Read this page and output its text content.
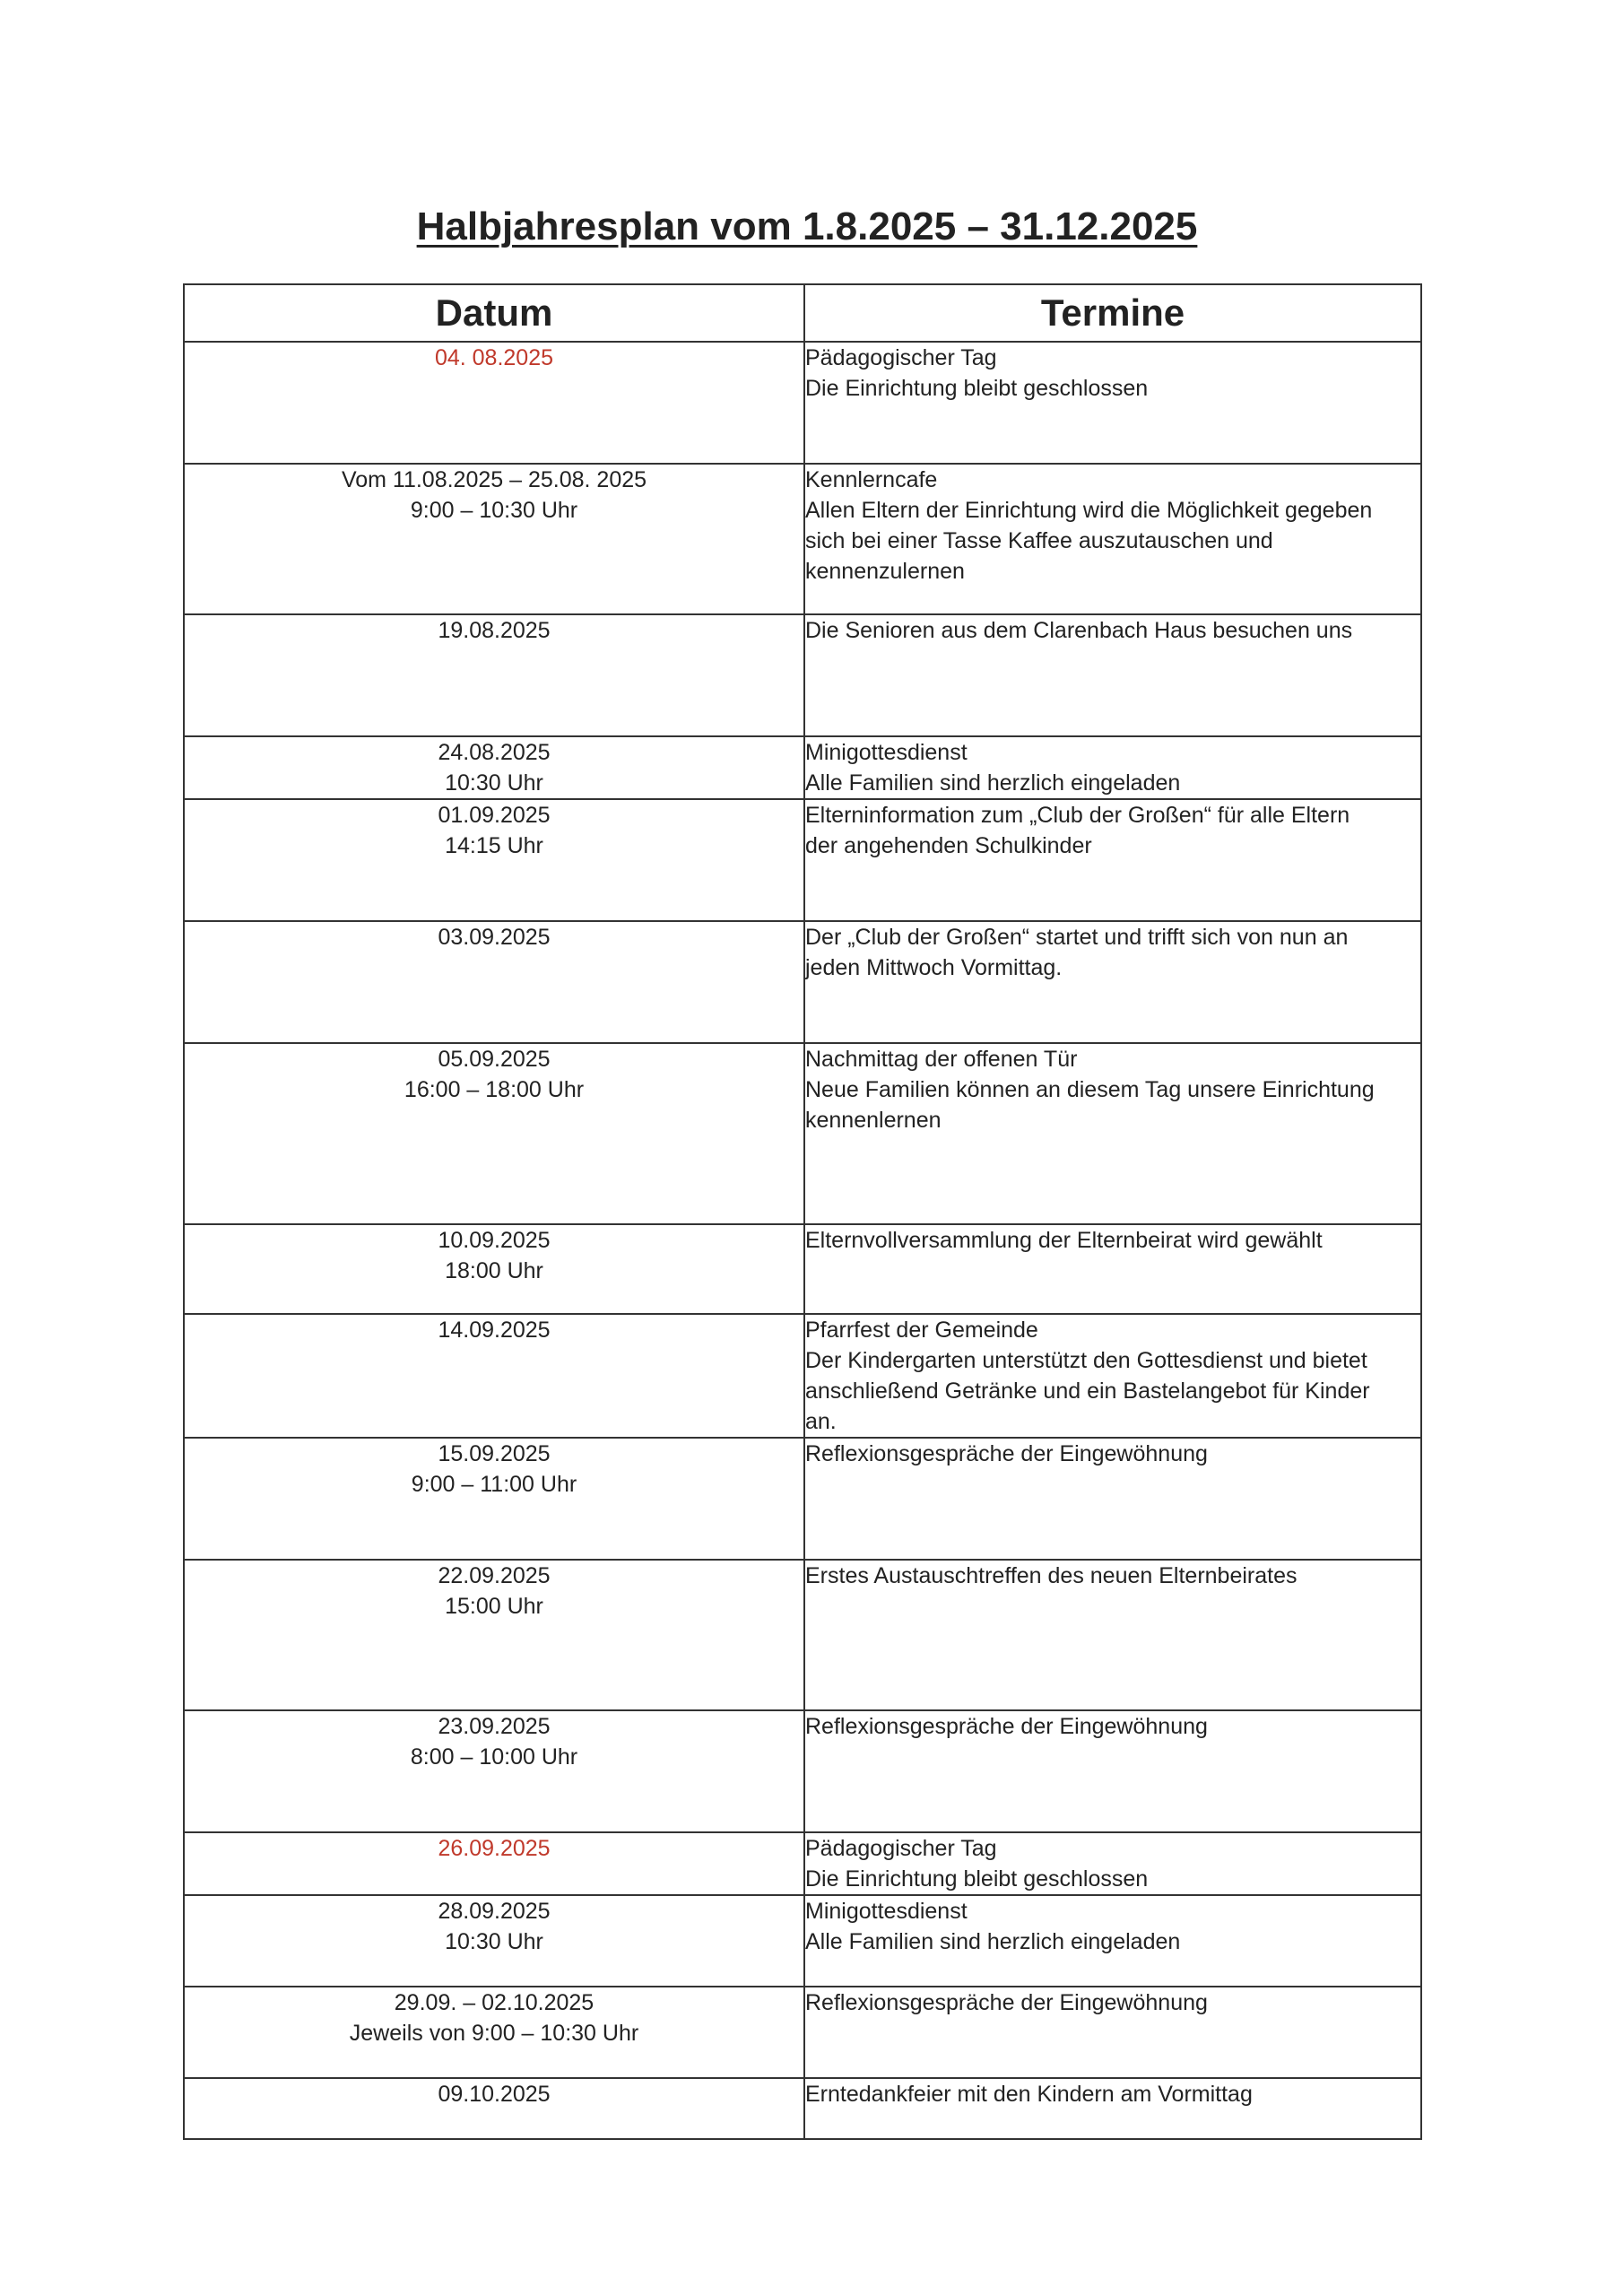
Halbjahresplan vom 1.8.2025 – 31.12.2025
Datum	Termine

04. 08.2025	Pädagogischer Tag
Die Einrichtung bleibt geschlossen

Vom 11.08.2025 – 25.08. 2025
9:00 – 10:30 Uhr	Kennlerncafe
Allen Eltern der Einrichtung wird die Möglichkeit gegeben
sich bei einer Tasse Kaffee auszutauschen und
kennenzulernen

19.08.2025	Die Senioren aus dem Clarenbach Haus besuchen uns

24.08.2025
10:30 Uhr	Minigottesdienst
Alle Familien sind herzlich eingeladen

01.09.2025
14:15 Uhr	Elterninformation zum „Club der Großen“ für alle Eltern
der angehenden Schulkinder

03.09.2025	Der „Club der Großen“ startet und trifft sich von nun an
jeden Mittwoch Vormittag.

05.09.2025
16:00 – 18:00 Uhr	Nachmittag der offenen Tür
Neue Familien können an diesem Tag unsere Einrichtung
kennenlernen

10.09.2025
18:00 Uhr	Elternvollversammlung der Elternbeirat wird gewählt

14.09.2025	Pfarrfest der Gemeinde
Der Kindergarten unterstützt den Gottesdienst und bietet
anschließend Getränke und ein Bastelangebot für Kinder
an.

15.09.2025
9:00 – 11:00 Uhr	Reflexionsgespräche der Eingewöhnung

22.09.2025
15:00 Uhr	Erstes Austauschtreffen des neuen Elternbeirates

23.09.2025
8:00 – 10:00 Uhr	Reflexionsgespräche der Eingewöhnung

26.09.2025	Pädagogischer Tag
Die Einrichtung bleibt geschlossen

28.09.2025
10:30 Uhr	Minigottesdienst
Alle Familien sind herzlich eingeladen

29.09. – 02.10.2025
Jeweils von 9:00 – 10:30 Uhr	Reflexionsgespräche der Eingewöhnung

09.10.2025	Erntedankfeier mit den Kindern am Vormittag
